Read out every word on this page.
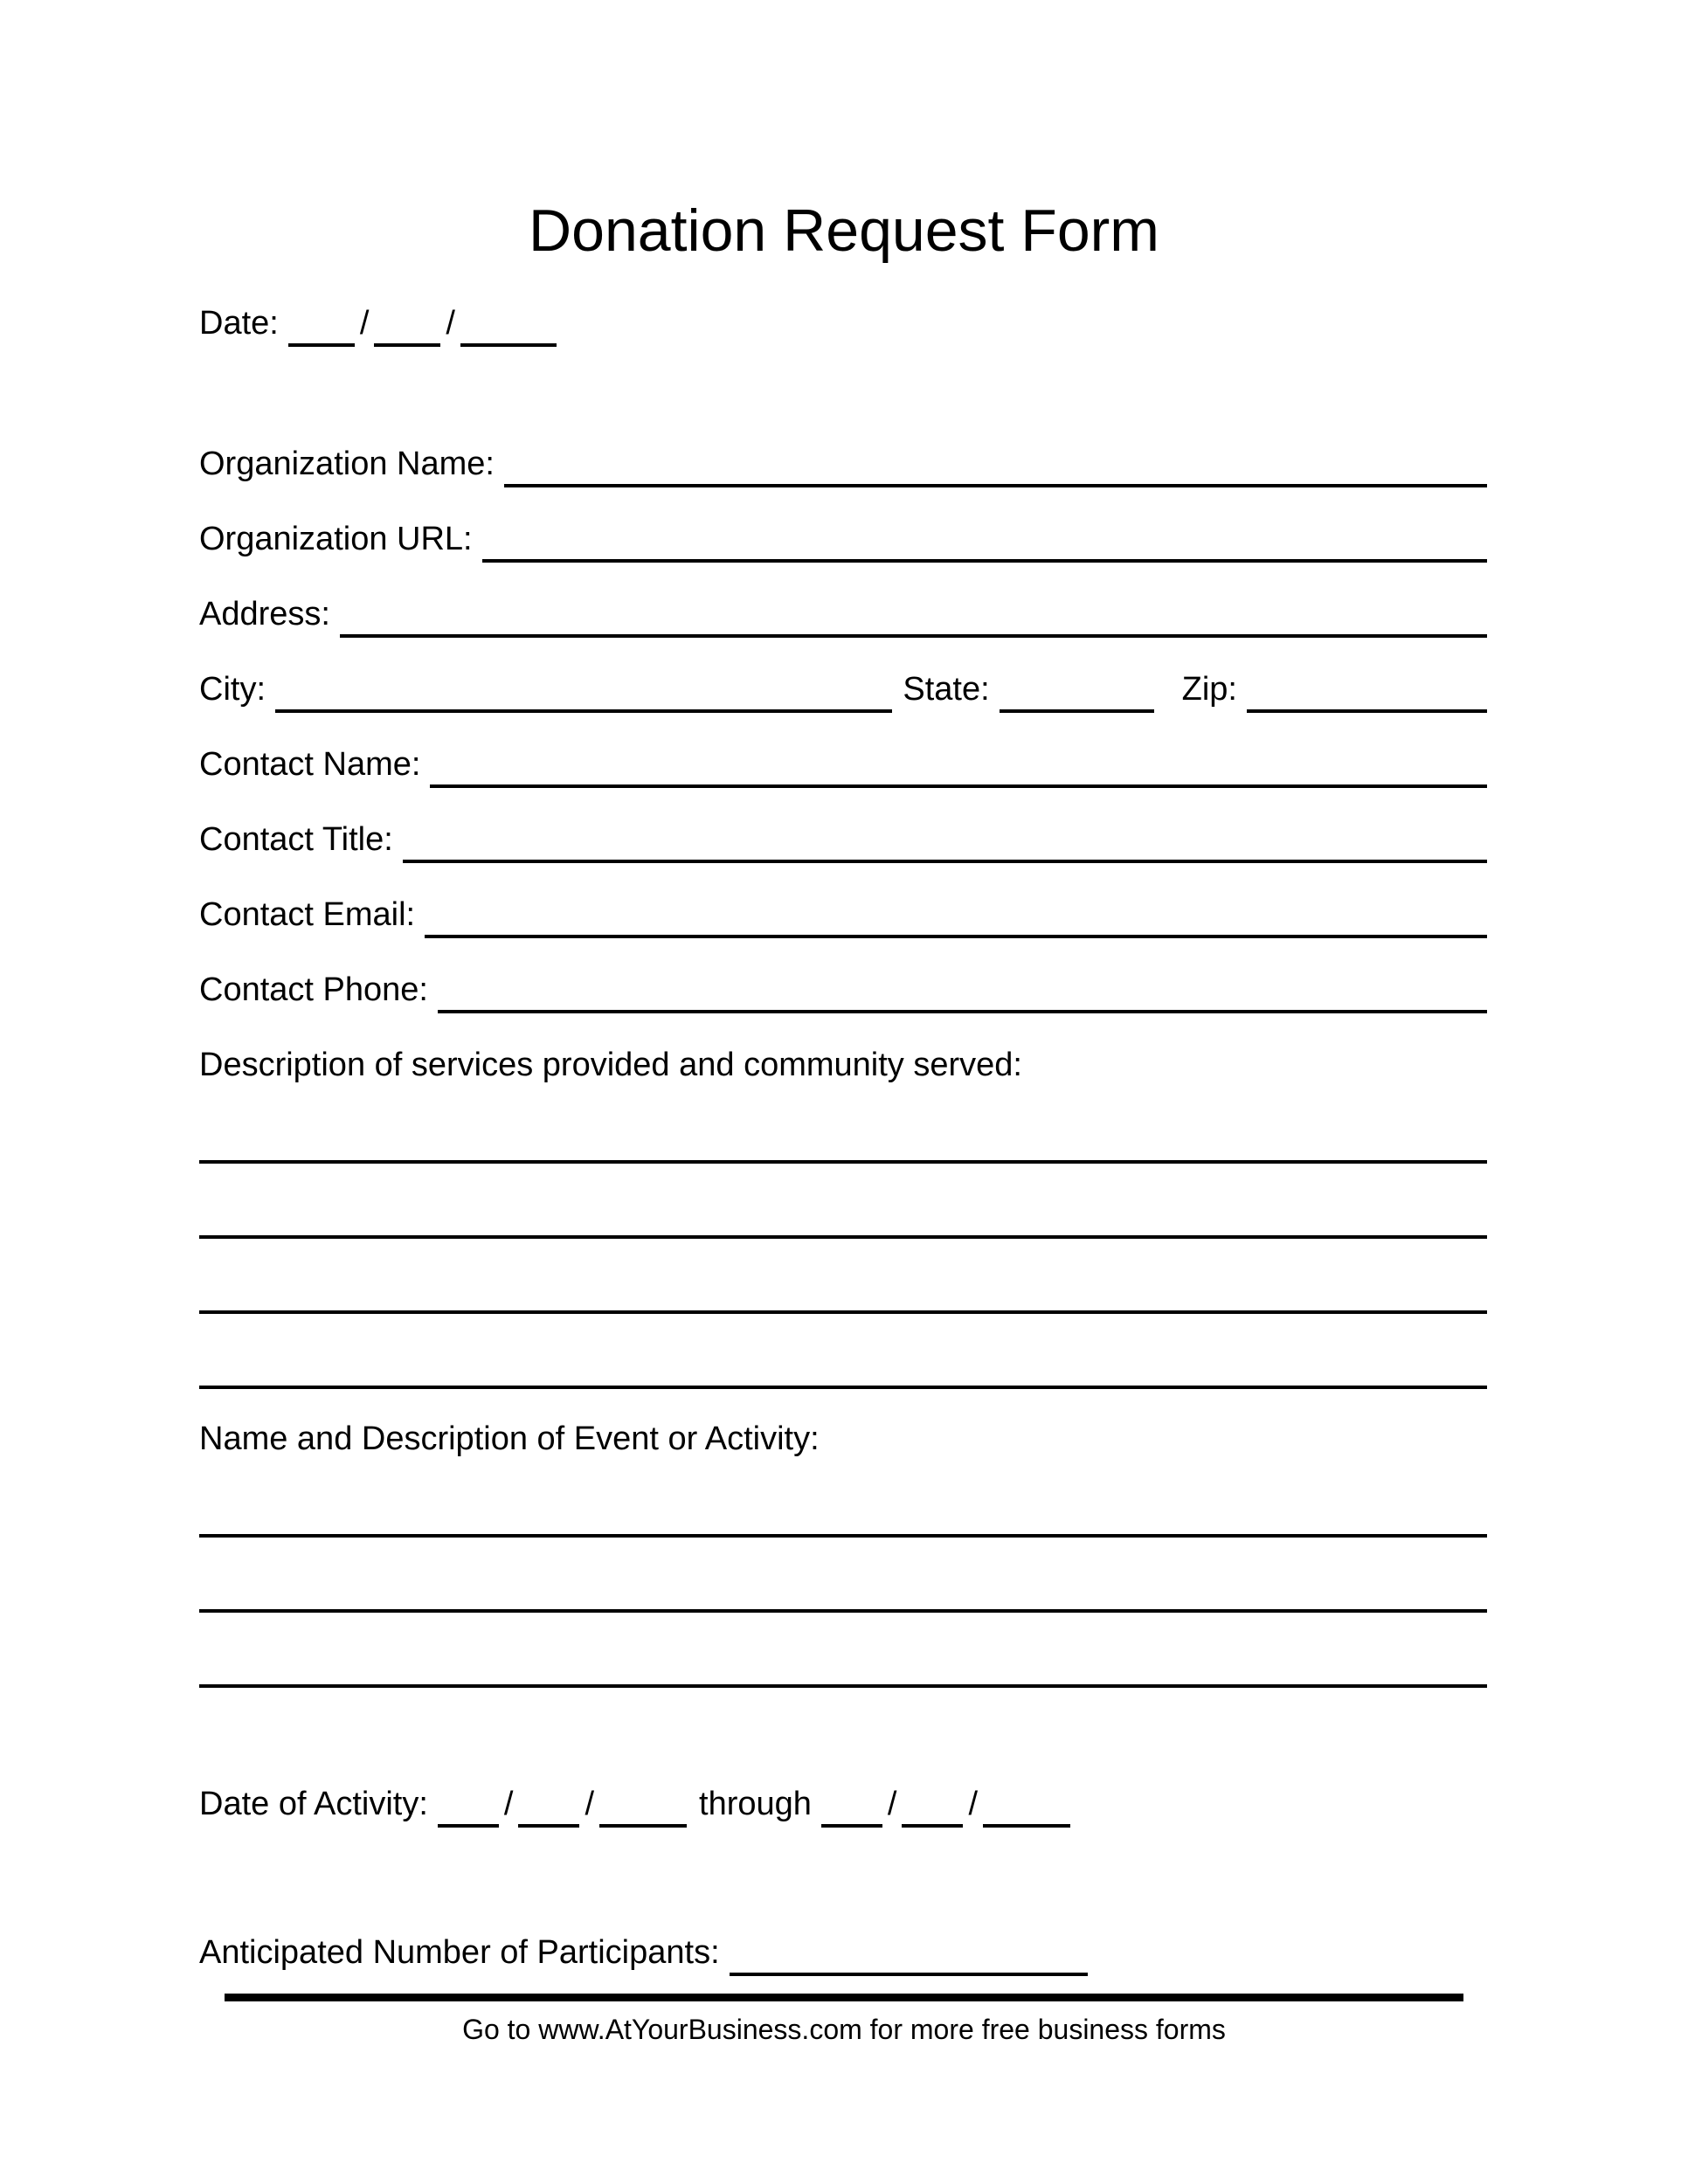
Donation Request Form
Date: / /
Organization Name:
Organization URL:
Address:
City:	State:	Zip:
Contact Name:
Contact Title:
Contact Email:
Contact Phone:
Description of services provided and community served:
Name and Description of Event or Activity:
Date of Activity: / /	through / /
Anticipated Number of Participants:
Go to www.AtYourBusiness.com for more free business forms
